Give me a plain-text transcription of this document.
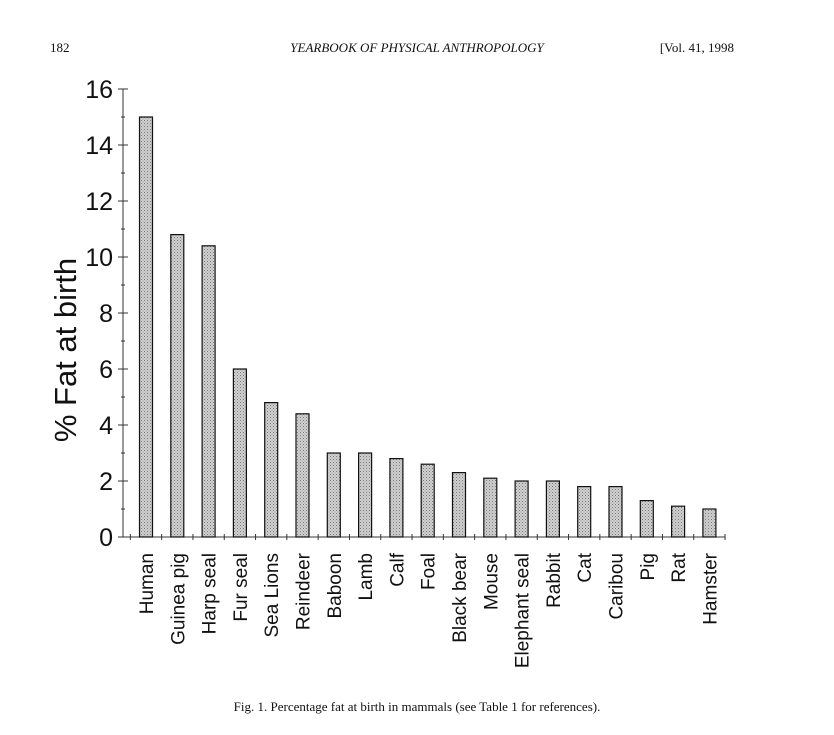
182	YEARBOOK OF PHYSICAL ANTHROPOLOGY	[Vol. 41, 1998
0
2
4
6
8
10
12
14
16
Human Guinea pig Harp seal Fur seal Sea Lions Reindeer Baboon Lamb Calf Foal Black bear Mouse Elephant seal Rabbit Cat Caribou Pig Rat Hamster
% Fat at birth
Fig. 1. Percentage fat at birth in mammals (see Table 1 for references).
